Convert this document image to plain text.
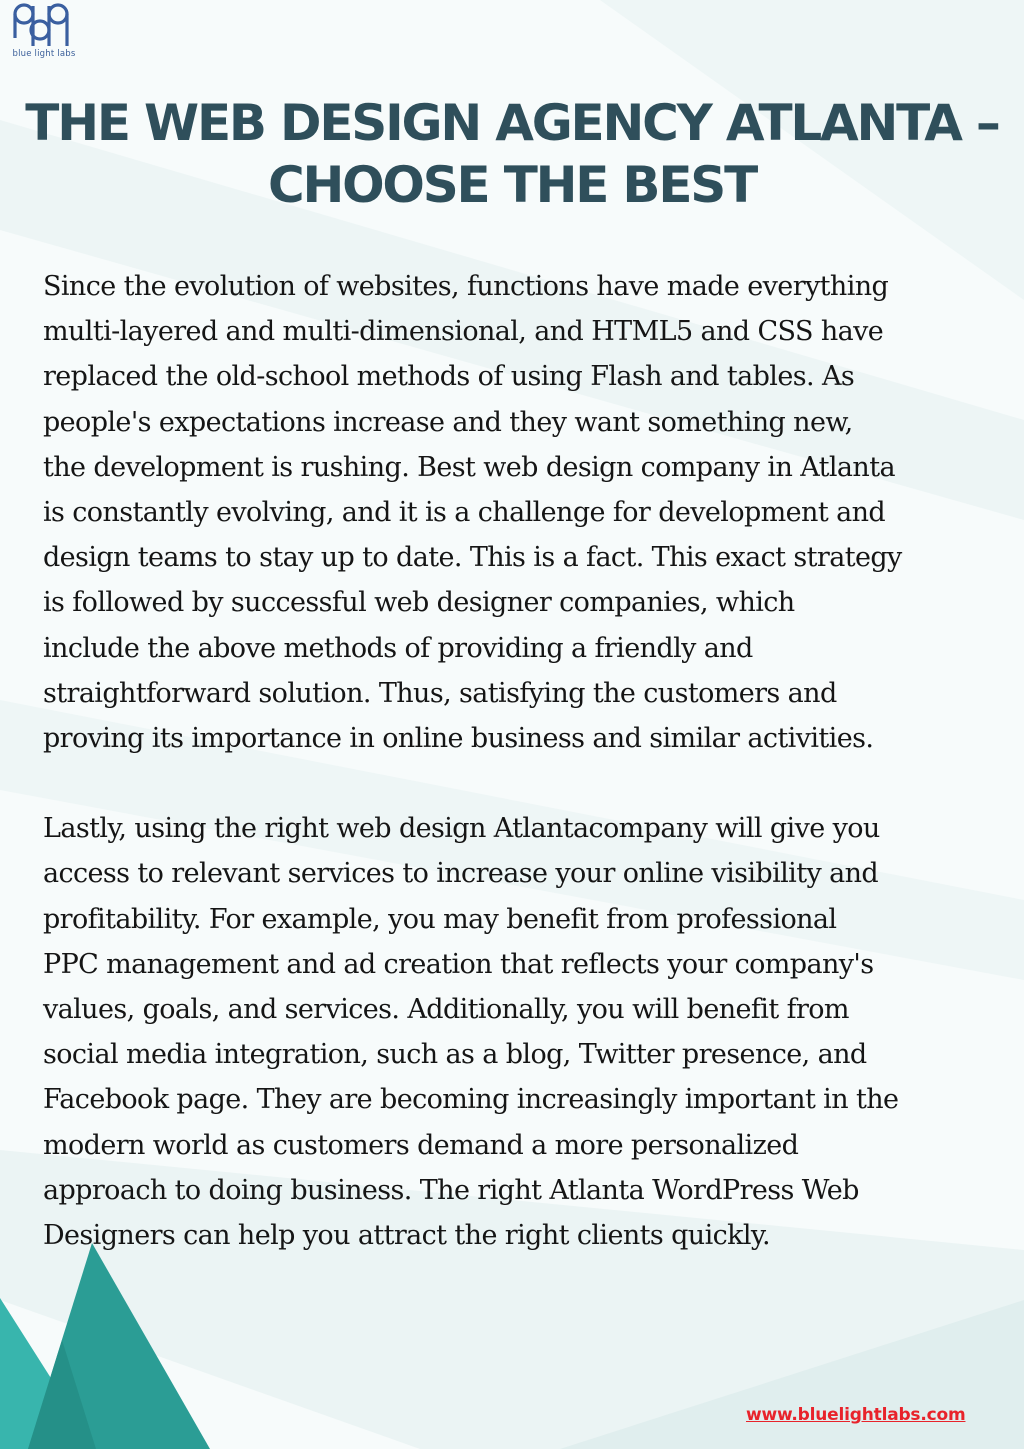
blue light labs
THE WEB DESIGN AGENCY ATLANTA –
CHOOSE THE BEST

Since the evolution of websites, functions have made everything
multi-layered and multi-dimensional, and HTML5 and CSS have
replaced the old-school methods of using Flash and tables. As
people's expectations increase and they want something new,
the development is rushing. Best web design company in Atlanta
is constantly evolving, and it is a challenge for development and
design teams to stay up to date. This is a fact. This exact strategy
is followed by successful web designer companies, which
include the above methods of providing a friendly and
straightforward solution. Thus, satisfying the customers and
proving its importance in online business and similar activities.

Lastly, using the right web design Atlantacompany will give you
access to relevant services to increase your online visibility and
profitability. For example, you may benefit from professional
PPC management and ad creation that reflects your company's
values, goals, and services. Additionally, you will benefit from
social media integration, such as a blog, Twitter presence, and
Facebook page. They are becoming increasingly important in the
modern world as customers demand a more personalized
approach to doing business. The right Atlanta WordPress Web
Designers can help you attract the right clients quickly.

www.bluelightlabs.com
